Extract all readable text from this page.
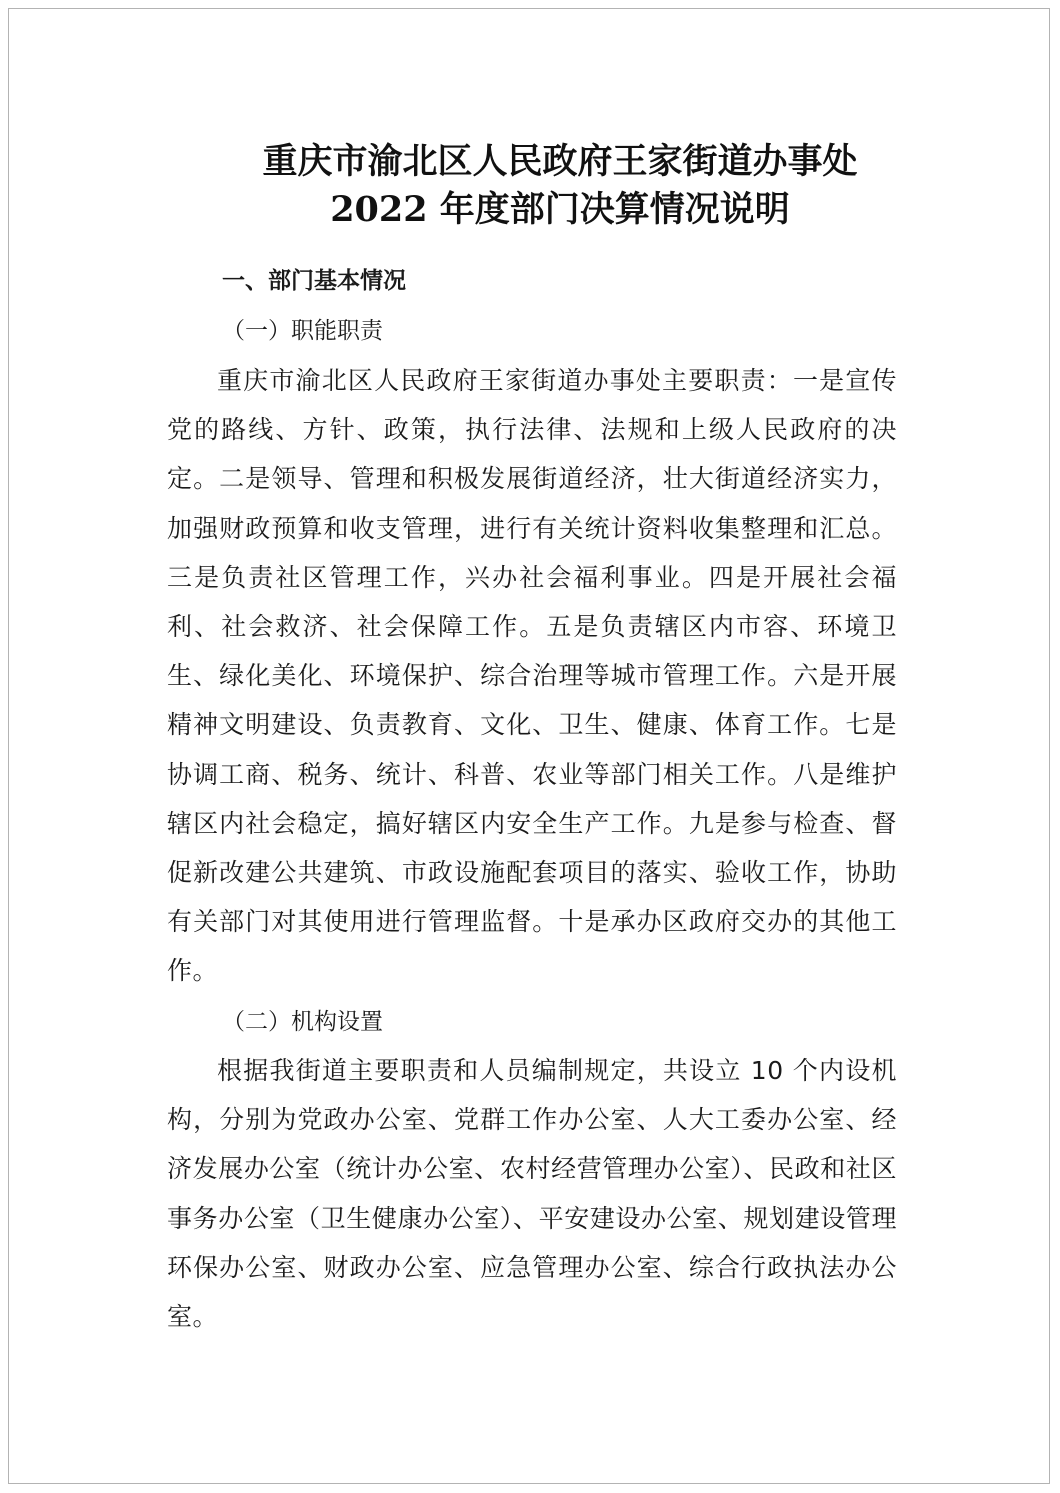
重庆市渝北区人民政府王家街道办事处
2022 年度部门决算情况说明
一、部门基本情况
（一）职能职责

重庆市渝北区人民政府王家街道办事处主要职责：一是宣传党的路线、方针、政策，执行法律、法规和上级人民政府的决定。二是领导、管理和积极发展街道经济，壮大街道经济实力，加强财政预算和收支管理，进行有关统计资料收集整理和汇总。三是负责社区管理工作，兴办社会福利事业。四是开展社会福利、社会救济、社会保障工作。五是负责辖区内市容、环境卫生、绿化美化、环境保护、综合治理等城市管理工作。六是开展精神文明建设、负责教育、文化、卫生、健康、体育工作。七是协调工商、税务、统计、科普、农业等部门相关工作。八是维护辖区内社会稳定，搞好辖区内安全生产工作。九是参与检查、督促新改建公共建筑、市政设施配套项目的落实、验收工作，协助有关部门对其使用进行管理监督。十是承办区政府交办的其他工作。

（二）机构设置

根据我街道主要职责和人员编制规定，共设立 10 个内设机构，分别为党政办公室、党群工作办公室、人大工委办公室、经济发展办公室（统计办公室、农村经营管理办公室）、民政和社区事务办公室（卫生健康办公室）、平安建设办公室、规划建设管理环保办公室、财政办公室、应急管理办公室、综合行政执法办公室。
